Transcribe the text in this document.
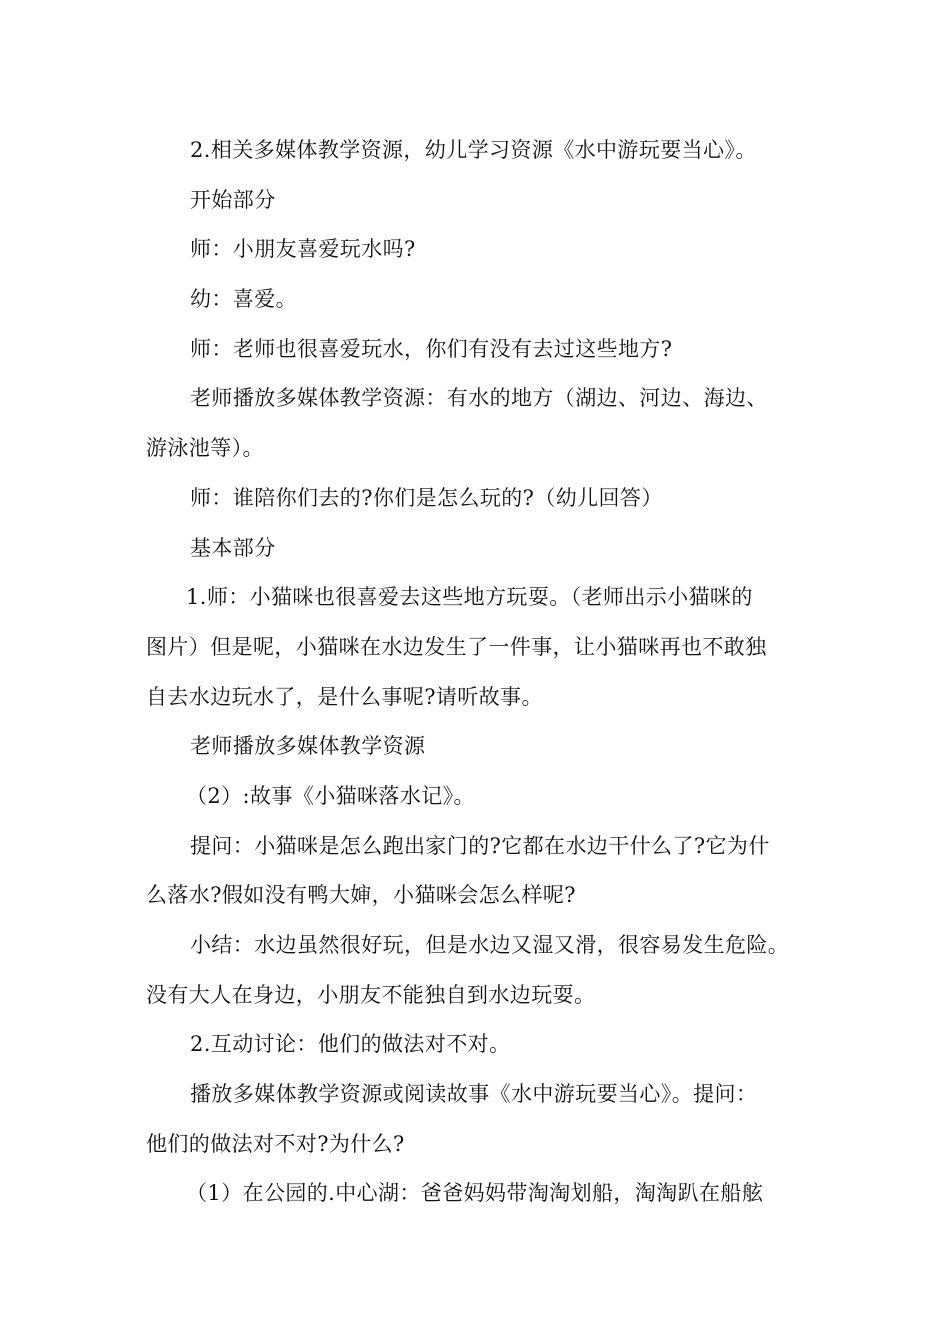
2.相关多媒体教学资源，幼儿学习资源《水中游玩要当心》。
开始部分
师：小朋友喜爱玩水吗?
幼：喜爱。
师：老师也很喜爱玩水，你们有没有去过这些地方?
老师播放多媒体教学资源：有水的地方（湖边、河边、海边、
游泳池等）。
师：谁陪你们去的?你们是怎么玩的?（幼儿回答）
基本部分
1.师：小猫咪也很喜爱去这些地方玩耍。（老师出示小猫咪的
图片）但是呢，小猫咪在水边发生了一件事，让小猫咪再也不敢独
自去水边玩水了，是什么事呢?请听故事。
老师播放多媒体教学资源
（2）:故事《小猫咪落水记》。
提问：小猫咪是怎么跑出家门的?它都在水边干什么了?它为什
么落水?假如没有鸭大婶，小猫咪会怎么样呢?
小结：水边虽然很好玩，但是水边又湿又滑，很容易发生危险。
没有大人在身边，小朋友不能独自到水边玩耍。
2.互动讨论：他们的做法对不对。
播放多媒体教学资源或阅读故事《水中游玩要当心》。提问：
他们的做法对不对?为什么?
（1）在公园的.中心湖：爸爸妈妈带淘淘划船，淘淘趴在船舷
